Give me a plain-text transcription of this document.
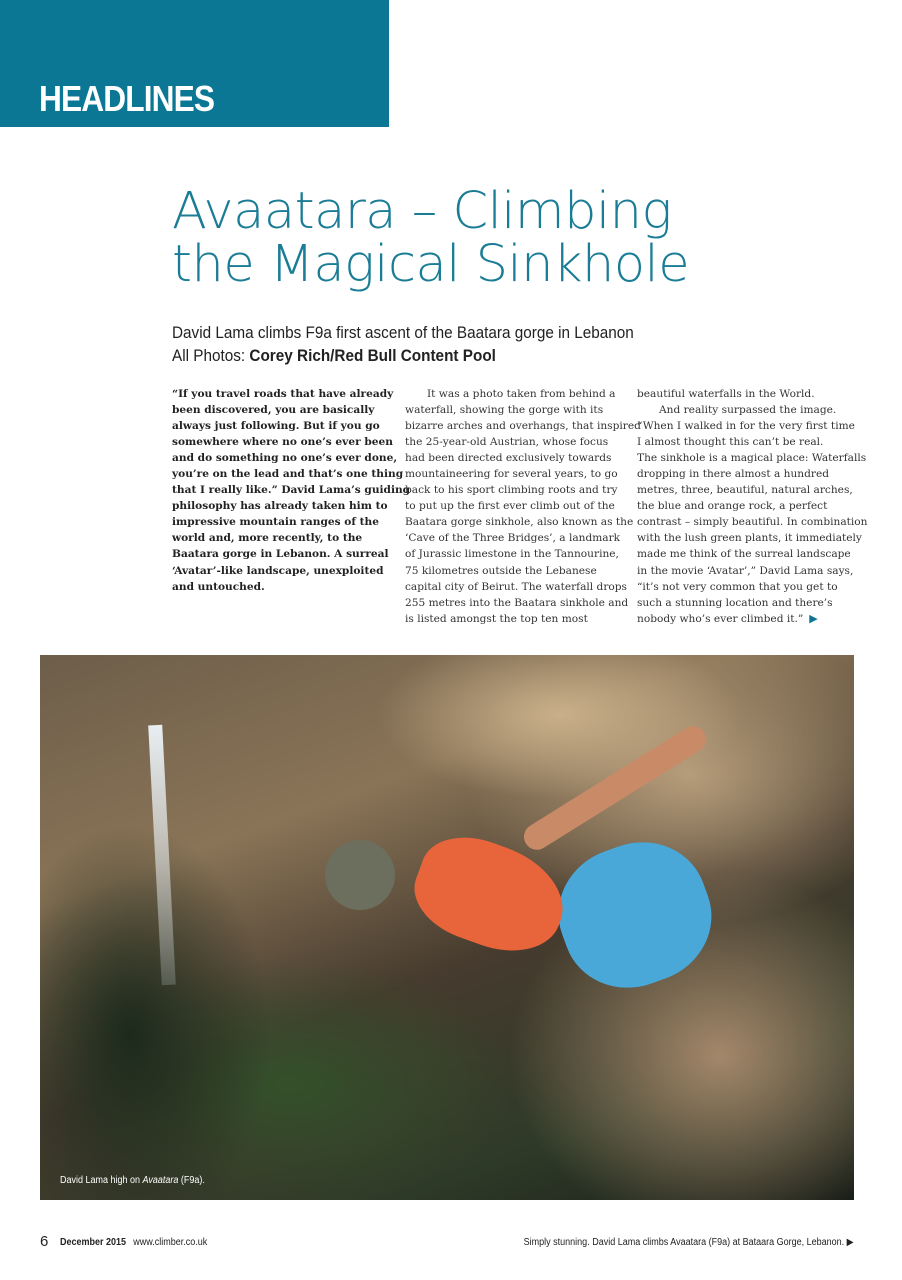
HEADLINES
Avaatara – Climbing
the Magical Sinkhole
David Lama climbs F9a first ascent of the Baatara gorge in Lebanon
All Photos: Corey Rich/Red Bull Content Pool
“If you travel roads that have already
been discovered, you are basically
always just following. But if you go
somewhere where no one’s ever been
and do something no one’s ever done,
you’re on the lead and that’s one thing
that I really like.” David Lama’s guiding
philosophy has already taken him to
impressive mountain ranges of the
world and, more recently, to the
Baatara gorge in Lebanon. A surreal
‘Avatar’-like landscape, unexploited
and untouched.
It was a photo taken from behind a
waterfall, showing the gorge with its
bizarre arches and overhangs, that inspired
the 25-year-old Austrian, whose focus
had been directed exclusively towards
mountaineering for several years, to go
back to his sport climbing roots and try
to put up the first ever climb out of the
Baatara gorge sinkhole, also known as the
‘Cave of the Three Bridges’, a landmark
of Jurassic limestone in the Tannourine,
75 kilometres outside the Lebanese
capital city of Beirut. The waterfall drops
255 metres into the Baatara sinkhole and
is listed amongst the top ten most
beautiful waterfalls in the World.
And reality surpassed the image.
“When I walked in for the very first time
I almost thought this can’t be real.
The sinkhole is a magical place: Waterfalls
dropping in there almost a hundred
metres, three, beautiful, natural arches,
the blue and orange rock, a perfect
contrast – simply beautiful. In combination
with the lush green plants, it immediately
made me think of the surreal landscape
in the movie ‘Avatar’,” David Lama says,
“it’s not very common that you get to
such a stunning location and there’s
nobody who’s ever climbed it.” ▶
David Lama high on Avaatara (F9a).
6 December 2015 www.climber.co.uk	Simply stunning. David Lama climbs Avaatara (F9a) at Bataara Gorge, Lebanon. ▶
